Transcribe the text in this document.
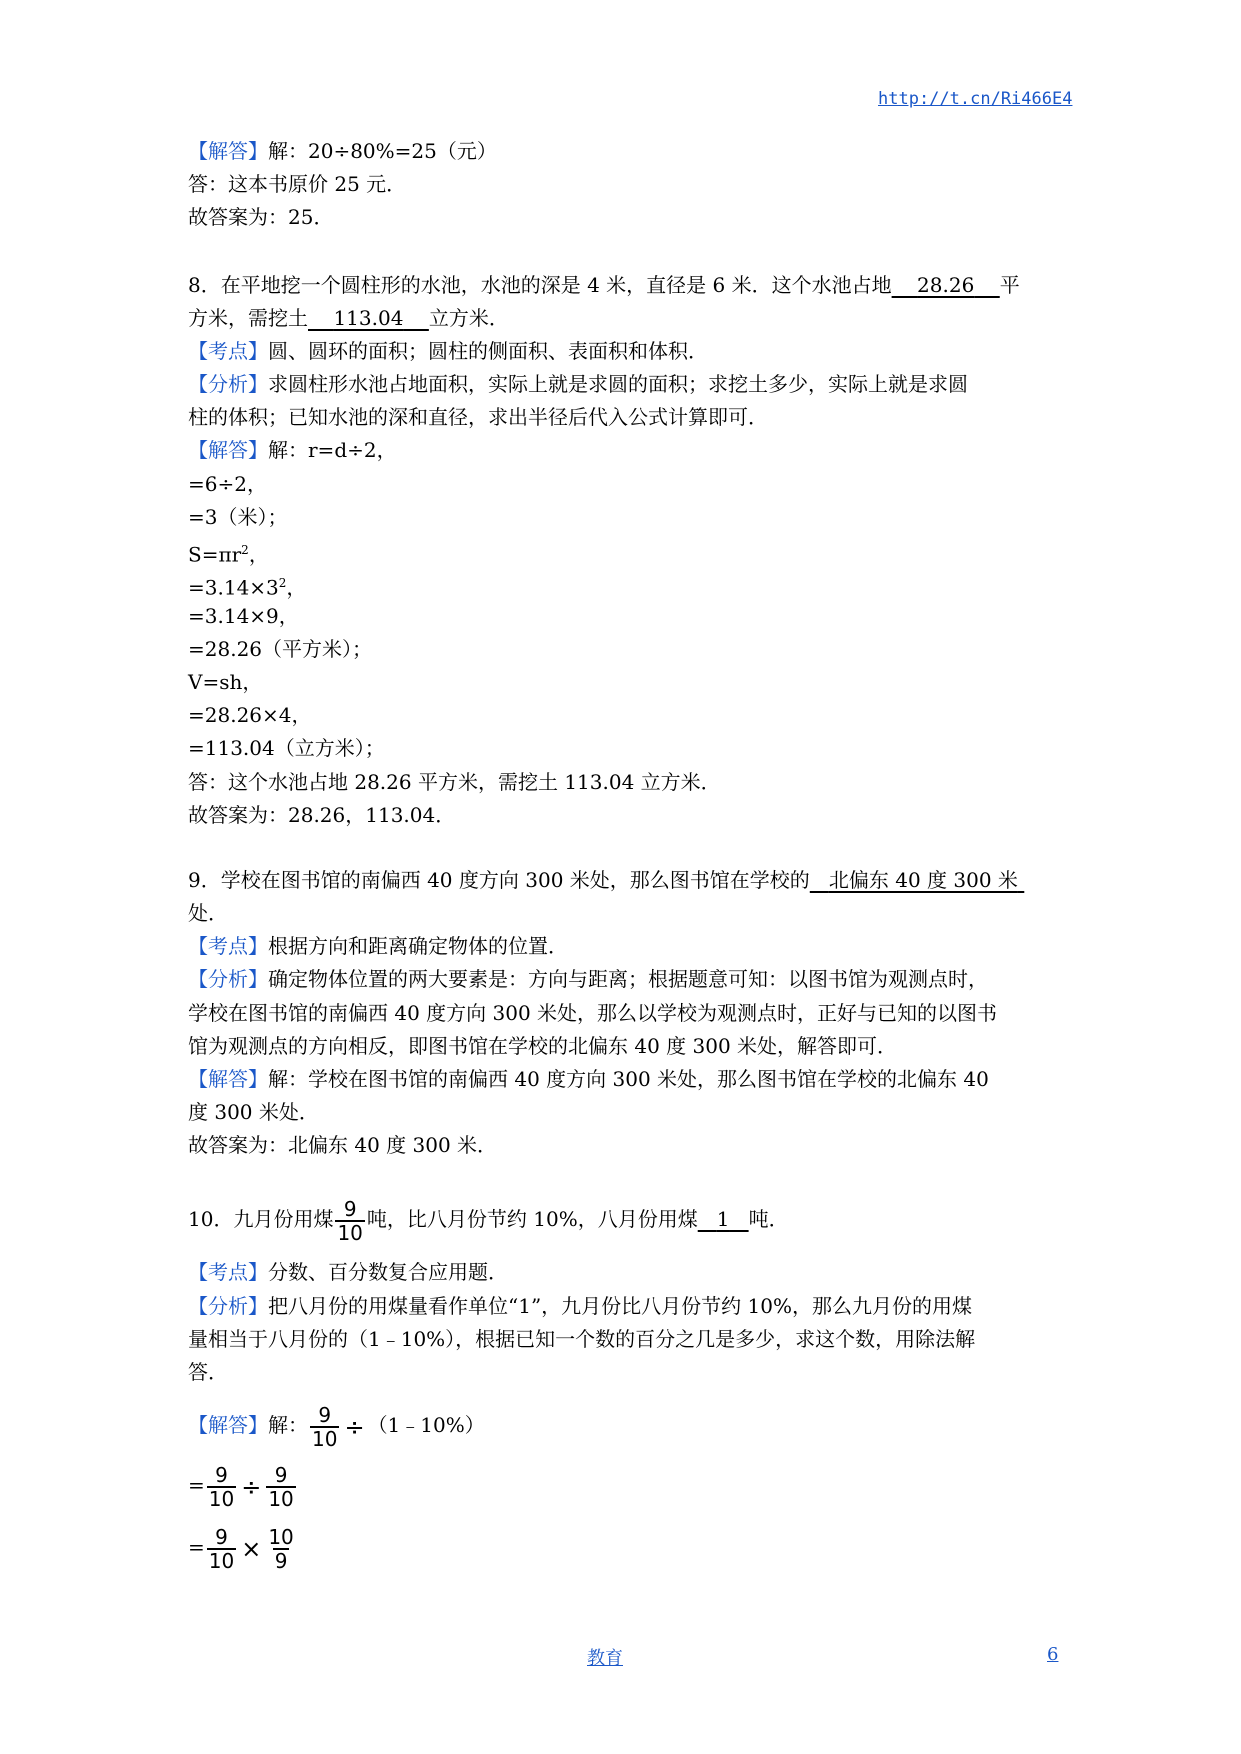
http://t.cn/Ri466E4
【解答】解：20÷80%=25（元）
答：这本书原价 25 元．
故答案为：25．
8．在平地挖一个圆柱形的水池，水池的深是 4 米，直径是 6 米．这个水池占地 28.26 平
方米，需挖土 113.04 立方米．
【考点】圆、圆环的面积；圆柱的侧面积、表面积和体积．
【分析】求圆柱形水池占地面积，实际上就是求圆的面积；求挖土多少，实际上就是求圆
柱的体积；已知水池的深和直径，求出半径后代入公式计算即可．
【解答】解：r=d÷2，
=6÷2，
=3（米）；
$S=\pi r^2$，
$=3.14\times 3^2$，
=3.14×9，
=28.26（平方米）；
V=sh，
=28.26×4，
=113.04（立方米）；
答：这个水池占地 28.26 平方米，需挖土 113.04 立方米．
故答案为：28.26，113.04．
9．学校在图书馆的南偏西 40 度方向 300 米处，那么图书馆在学校的 北偏东 40 度 300 米
处．
【考点】根据方向和距离确定物体的位置．
【分析】确定物体位置的两大要素是：方向与距离；根据题意可知：以图书馆为观测点时，
学校在图书馆的南偏西 40 度方向 300 米处，那么以学校为观测点时，正好与已知的以图书
馆为观测点的方向相反，即图书馆在学校的北偏东 40 度 300 米处，解答即可．
【解答】解：学校在图书馆的南偏西 40 度方向 300 米处，那么图书馆在学校的北偏东 40
度 300 米处．
故答案为：北偏东 40 度 300 米．
10．九月份用煤 $\frac{9}{10}$ 吨，比八月份节约 10%，八月份用煤 1 吨．
【考点】分数、百分数复合应用题．
【分析】把八月份的用煤量看作单位“1”，九月份比八月份节约 10%，那么九月份的用煤
量相当于八月份的（1﹣10%），根据已知一个数的百分之几是多少，求这个数，用除法解
答．
【解答】解： $\frac{9}{10}$ ÷ （1﹣10%）
= $\frac{9}{10} \div \frac{9}{10}$
= $\frac{9}{10} \times \frac{10}{9}$
教育	6
